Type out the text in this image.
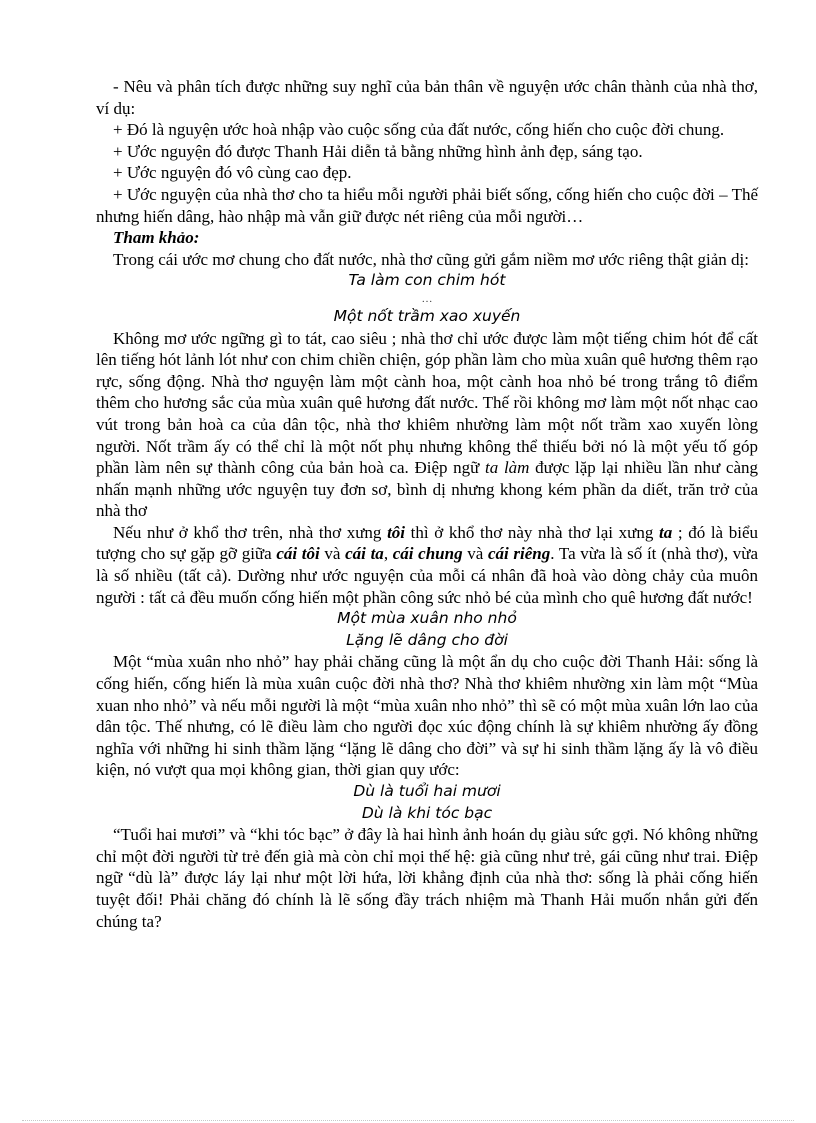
- Nêu và phân tích được những suy nghĩ của bản thân về nguyện ước chân thành của nhà thơ, ví dụ:

+ Đó là nguyện ước hoà nhập vào cuộc sống của đất nước, cống hiến cho cuộc đời chung.

+ Ước nguyện đó được Thanh Hải diễn tả bằng những hình ảnh đẹp, sáng tạo.

+ Ước nguyện đó vô cùng cao đẹp.

+ Ước nguyện của nhà thơ cho ta hiểu mỗi người phải biết sống, cống hiến cho cuộc đời – Thế nhưng hiến dâng, hào nhập mà vẫn giữ được nét riêng của mỗi người…

Tham khảo:

Trong cái ước mơ chung cho đất nước, nhà thơ cũng gửi gắm niềm mơ ước riêng thật giản dị:

Ta làm con chim hót

…

Một nốt trầm xao xuyến

Không mơ ước ngững gì to tát, cao siêu ; nhà thơ chỉ ước được làm một tiếng chim hót để cất lên tiếng hót lảnh lót như con chim chiền chiện, góp phần làm cho mùa xuân quê hương thêm rạo rực, sống động. Nhà thơ nguyện làm một cành hoa, một cành hoa nhỏ bé trong trắng tô điểm thêm cho hương sắc của mùa xuân quê hương đất nước. Thế rồi không mơ làm một nốt nhạc cao vút trong bản hoà ca của dân tộc, nhà thơ khiêm nhường làm một nốt trầm xao xuyến lòng người. Nốt trầm ấy có thể chỉ là một nốt phụ nhưng không thể thiếu bởi nó là một yếu tố góp phần làm nên sự thành công của bản hoà ca. Điệp ngữ ta làm được lặp lại nhiều lần như càng nhấn mạnh những ước nguyện tuy đơn sơ, bình dị nhưng khong kém phần da diết, trăn trở của nhà thơ

Nếu như ở khổ thơ trên, nhà thơ xưng tôi thì ở khổ thơ này nhà thơ lại xưng ta ; đó là biểu tượng cho sự gặp gỡ giữa cái tôi và cái ta, cái chung và cái riêng. Ta vừa là số ít (nhà thơ), vừa là số nhiều (tất cả). Dường như ước nguyện của mỗi cá nhân đã hoà vào dòng chảy của muôn người : tất cả đều muốn cống hiến một phần công sức nhỏ bé của mình cho quê hương đất nước!

Một mùa xuân nho nhỏ

Lặng lẽ dâng cho đời

Một “mùa xuân nho nhỏ” hay phải chăng cũng là một ẩn dụ cho cuộc đời Thanh Hải: sống là cống hiến, cống hiến là mùa xuân cuộc đời nhà thơ? Nhà thơ khiêm nhường xin làm một “Mùa xuan nho nhỏ” và nếu mỗi người là một “mùa xuân nho nhỏ” thì sẽ có một mùa xuân lớn lao của dân tộc. Thế nhưng, có lẽ điều làm cho người đọc xúc động chính là sự khiêm nhường ấy đồng nghĩa với những hi sinh thầm lặng “lặng lẽ dâng cho đời” và sự hi sinh thầm lặng ấy là vô điều kiện, nó vượt qua mọi không gian, thời gian quy ước:

Dù là tuổi hai mươi

Dù là khi tóc bạc

“Tuổi hai mươi” và “khi tóc bạc” ở đây là hai hình ảnh hoán dụ giàu sức gợi. Nó không những chỉ một đời người từ trẻ đến già mà còn chỉ mọi thế hệ: già cũng như trẻ, gái cũng như trai. Điệp ngữ “dù là” được láy lại như một lời hứa, lời khẳng định của nhà thơ: sống là phải cống hiến tuyệt đối! Phải chăng đó chính là lẽ sống đầy trách nhiệm mà Thanh Hải muốn nhắn gửi đến chúng ta?
